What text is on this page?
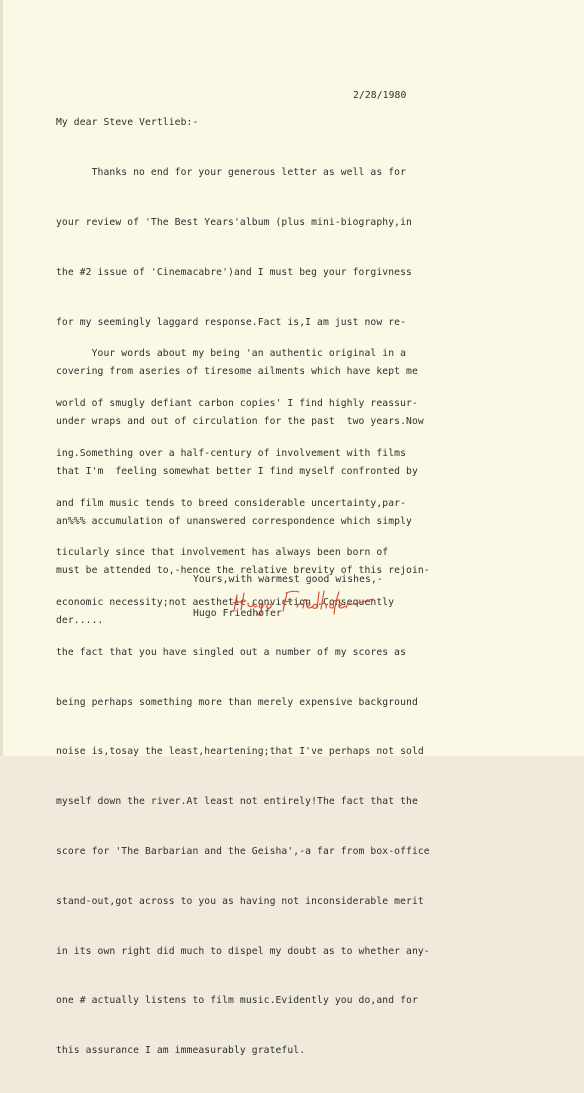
2/28/1980
My dear Steve Vertlieb:-

Thanks no end for your generous letter as well as for

your review of 'The Best Years'album (plus mini-biography,in

the #2 issue of 'Cinemacabre')and I must beg your forgivness

for my seemingly laggard response.Fact is,I am just now re-

covering from aseries of tiresome ailments which have kept me

under wraps and out of circulation for the past  two years.Now

that I'm  feeling somewhat better I find myself confronted by

an%%% accumulation of unanswered correspondence which simply

must be attended to,-hence the relative brevity of this rejoin-

der.....

Your words about my being 'an authentic original in a

world of smugly defiant carbon copies' I find highly reassur-

ing.Something over a half-century of involvement with films

and film music tends to breed considerable uncertainty,par-

ticularly since that involvement has always been born of

economic necessity;not aesthetic conviction .Consequently

the fact that you have singled out a number of my scores as

being perhaps something more than merely expensive background

noise is,tosay the least,heartening;that I've perhaps not sold

myself down the river.At least not entirely!The fact that the

score for 'The Barbarian and the Geisha',-a far from box-office

stand-out,got across to you as having not inconsiderable merit

in its own right did much to dispel my doubt as to whether any-

one # actually listens to film music.Evidently you do,and for

this assurance I am immeasurably grateful.

Yours,with warmest good wishes,-
Hugo Friedhofer
